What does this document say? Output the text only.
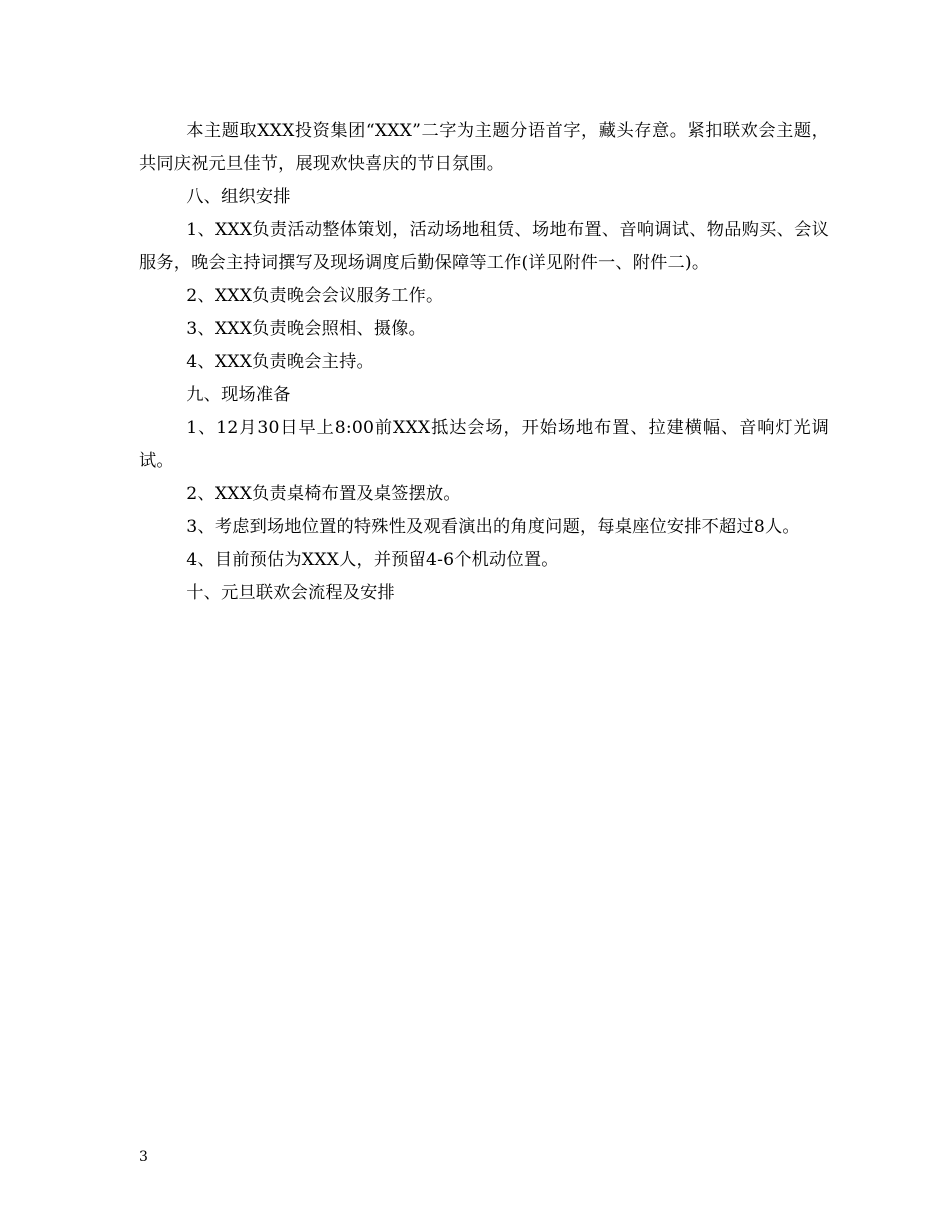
本主题取XXX投资集团“XXX”二字为主题分语首字，藏头存意。紧扣联欢会主题，共同庆祝元旦佳节，展现欢快喜庆的节日氛围。

八、组织安排

1、XXX负责活动整体策划，活动场地租赁、场地布置、音响调试、物品购买、会议服务，晚会主持词撰写及现场调度后勤保障等工作(详见附件一、附件二)。

2、XXX负责晚会会议服务工作。

3、XXX负责晚会照相、摄像。

4、XXX负责晚会主持。

九、现场准备

1、12月30日早上8:00前XXX抵达会场，开始场地布置、拉建横幅、音响灯光调试。

2、XXX负责桌椅布置及桌签摆放。

3、考虑到场地位置的特殊性及观看演出的角度问题，每桌座位安排不超过8人。

4、目前预估为XXX人，并预留4-6个机动位置。

十、元旦联欢会流程及安排

3
